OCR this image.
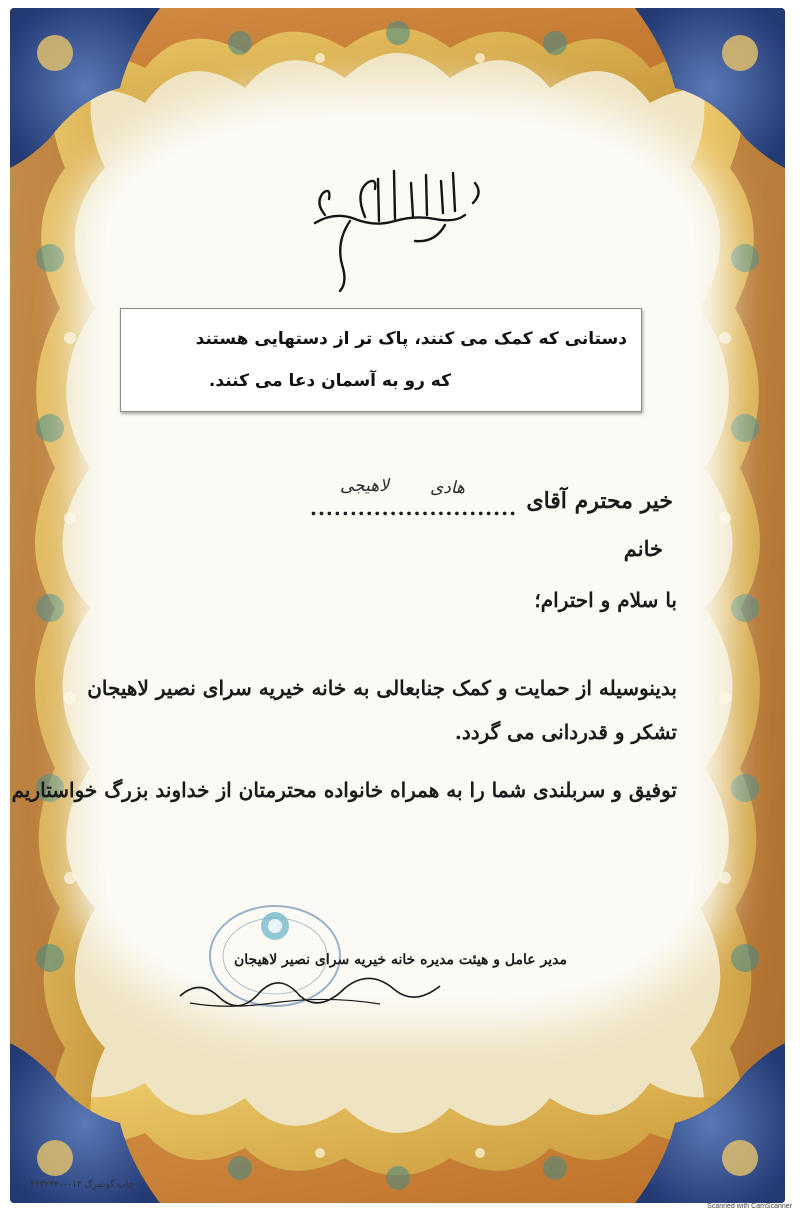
دستانی که کمک می کنند، پاک تر از دستهایی هستند
که رو به آسمان دعا می کنند.
خیر محترم آقای
خانم
..........................
هادی
لاهیجی
با سلام و احترام؛
بدینوسیله از حمایت و کمک جنابعالی به خانه خیریه سرای نصیر لاهیجان
تشکر و قدردانی می گردد.
توفیق و سربلندی شما را به همراه خانواده محترمتان از خداوند بزرگ خواستاریم
مدیر عامل و هیئت مدیره خانه خیریه سرای نصیر لاهیجان
چاپ گوتنبرگ ۰۱۳-۴۲۳۲۳۲۰
Scanned with CamScanner
